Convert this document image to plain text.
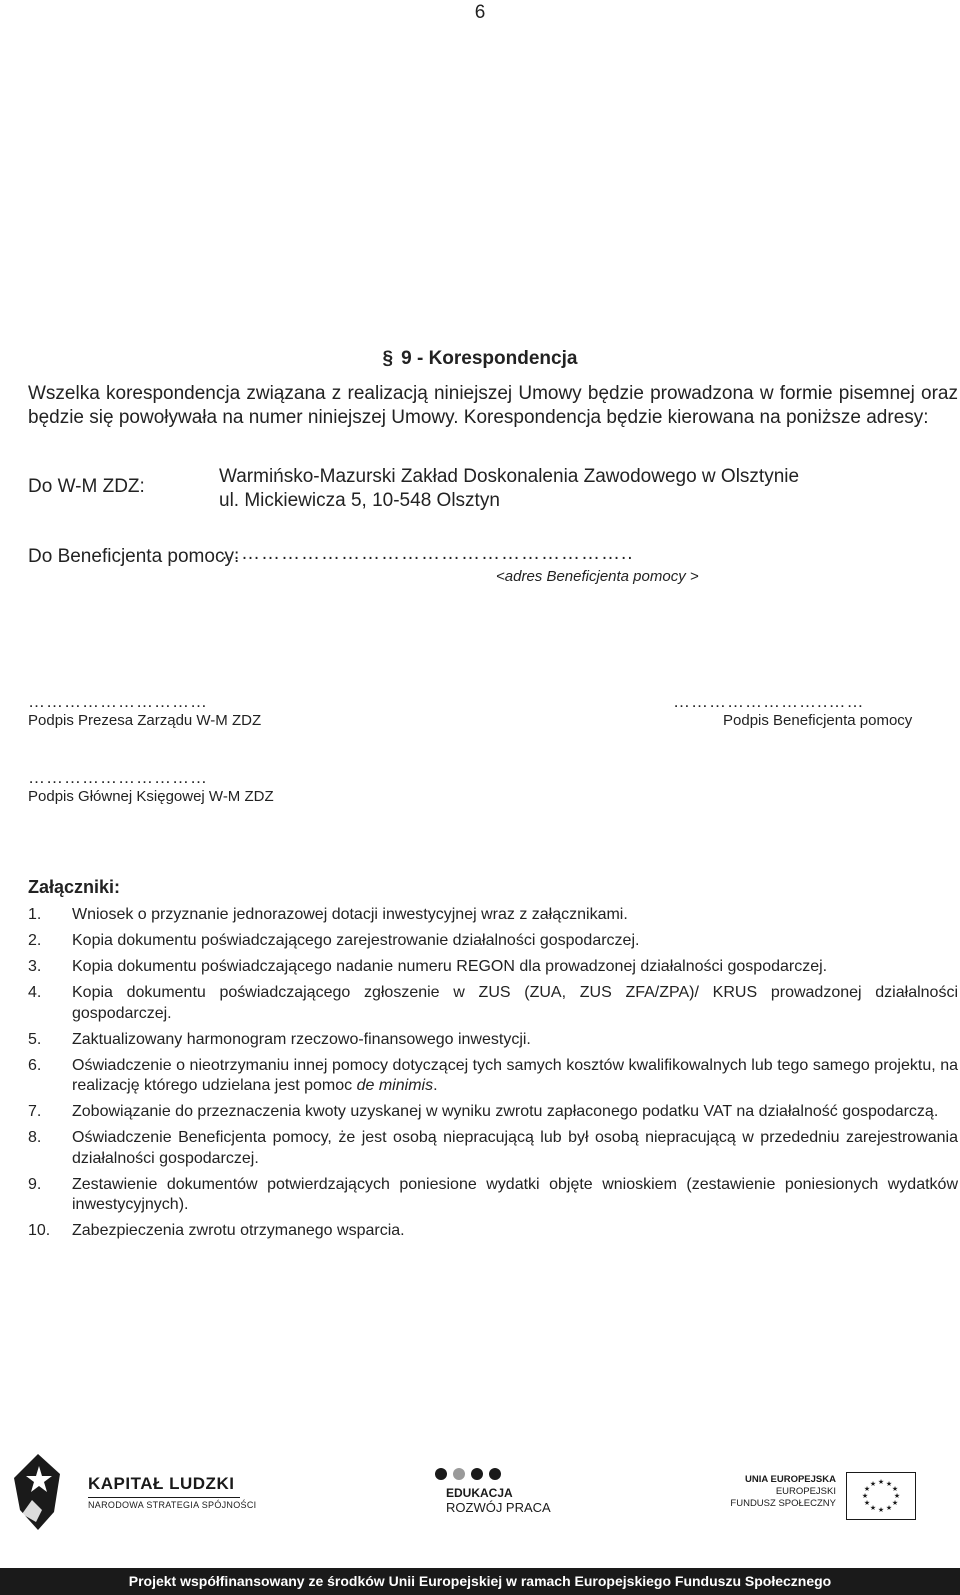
6
§ 9 - Korespondencja
Wszelka korespondencja związana z realizacją niniejszej Umowy będzie prowadzona w formie pisemnej oraz będzie się powoływała na numer niniejszej Umowy. Korespondencja będzie kierowana na poniższe adresy:
Do W-M ZDZ:	Warmińsko-Mazurski Zakład Doskonalenia Zawodowego w Olsztynie
ul. Mickiewicza 5, 10-548 Olsztyn
Do Beneficjenta pomocy:
……………………………………………………..
<adres Beneficjenta pomocy >
…………………………
Podpis Prezesa Zarządu W-M ZDZ
……………………..……
Podpis Beneficjenta pomocy
…………………………
Podpis Głównej Księgowej W-M ZDZ
Załączniki:
1.	Wniosek o przyznanie jednorazowej dotacji inwestycyjnej wraz z załącznikami.
2.	Kopia dokumentu poświadczającego zarejestrowanie działalności gospodarczej.
3.	Kopia dokumentu poświadczającego nadanie numeru REGON dla prowadzonej działalności gospodarczej.
4.	Kopia dokumentu poświadczającego zgłoszenie w ZUS (ZUA, ZUS ZFA/ZPA)/ KRUS prowadzonej działalności gospodarczej.
5.	Zaktualizowany harmonogram rzeczowo-finansowego inwestycji.
6.	Oświadczenie o nieotrzymaniu innej pomocy dotyczącej tych samych kosztów kwalifikowalnych lub tego samego projektu, na realizację którego udzielana jest pomoc de minimis.
7.	Zobowiązanie do przeznaczenia kwoty uzyskanej w wyniku zwrotu zapłaconego podatku VAT na działalność gospodarczą.
8.	Oświadczenie Beneficjenta pomocy, że jest osobą niepracującą lub był osobą niepracującą w przededniu zarejestrowania działalności gospodarczej.
9.	Zestawienie dokumentów potwierdzających poniesione wydatki objęte wnioskiem (zestawienie poniesionych wydatków inwestycyjnych).
10.	Zabezpieczenia zwrotu otrzymanego wsparcia.
KAPITAŁ LUDZKI
NARODOWA STRATEGIA SPÓJNOŚCI
EDUKACJA
ROZWÓJ PRACA
UNIA EUROPEJSKA
EUROPEJSKI
FUNDUSZ SPOŁECZNY
★ ★
★
★
★
★
★
★
★
★
★
★
Projekt współfinansowany ze środków Unii Europejskiej w ramach Europejskiego Funduszu Społecznego
